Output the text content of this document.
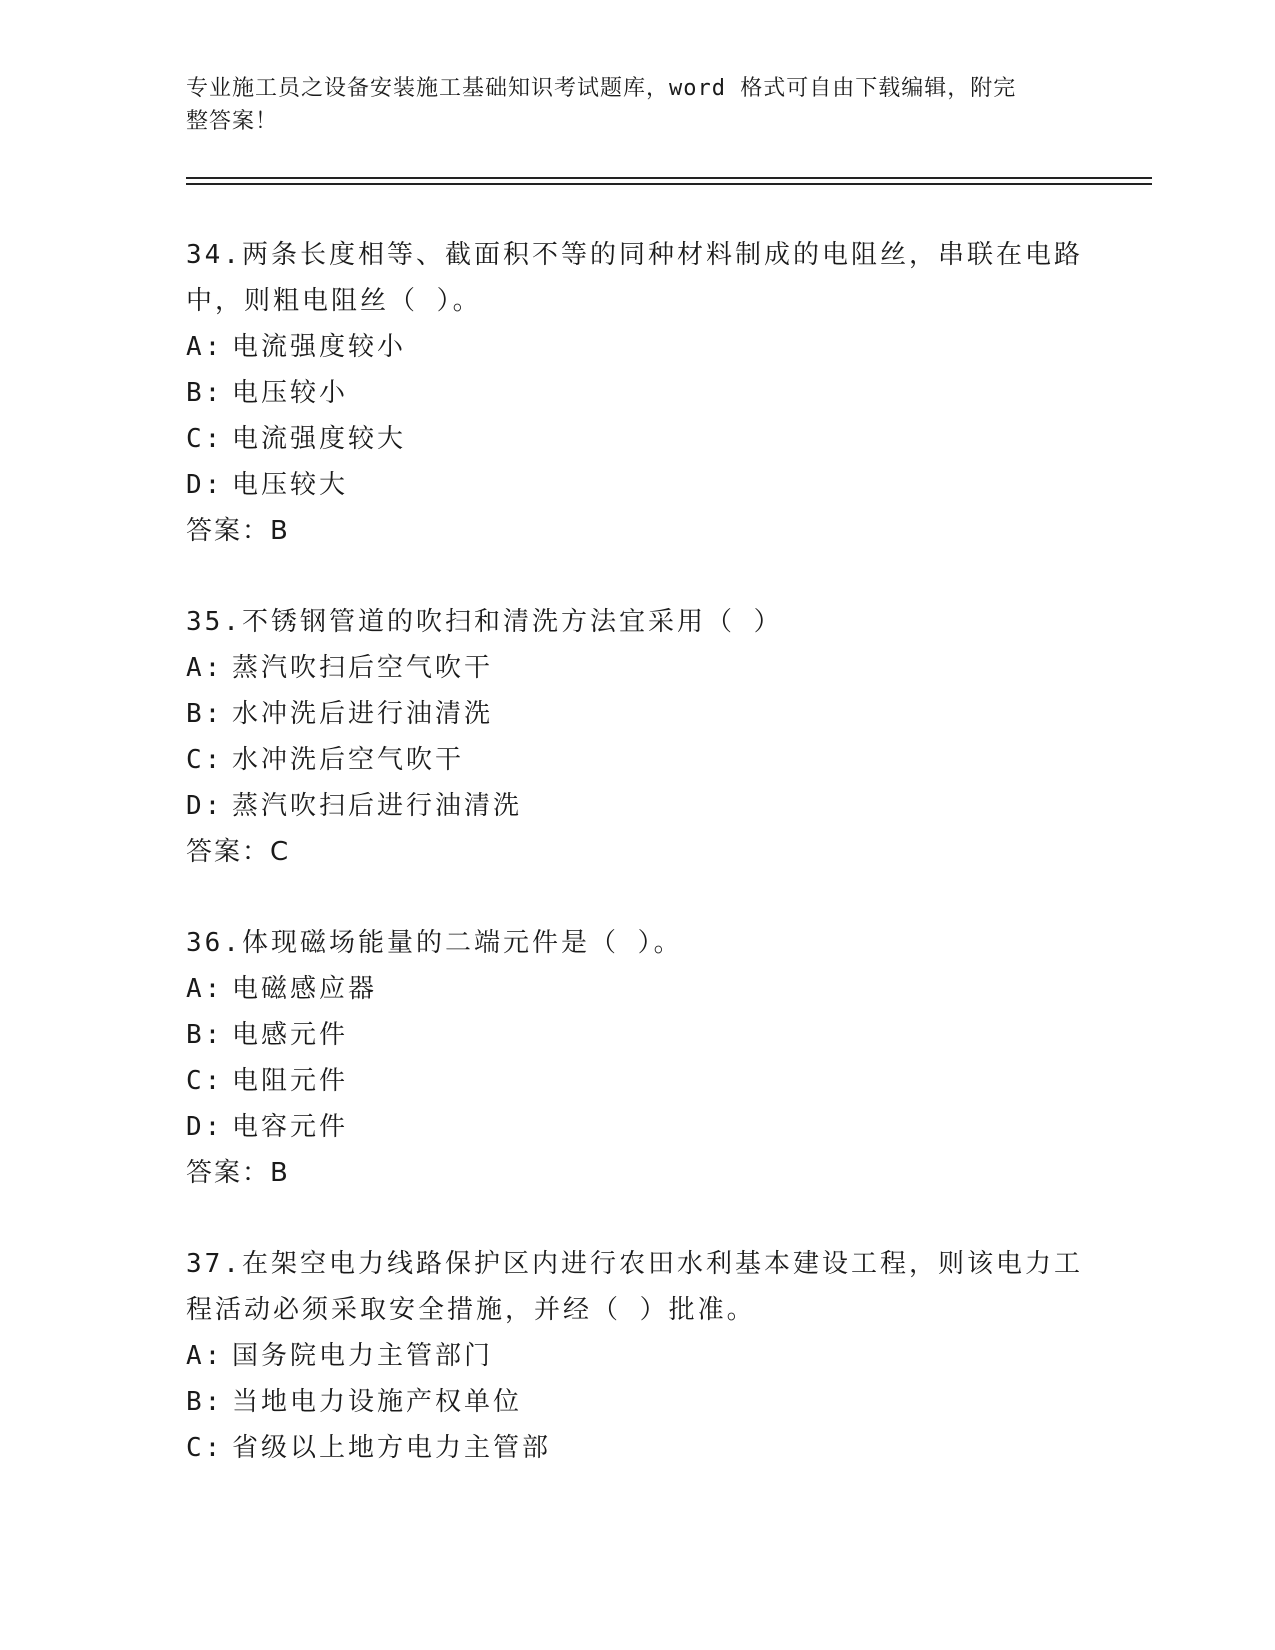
专业施工员之设备安装施工基础知识考试题库，word 格式可自由下载编辑，附完
整答案！

34.两条长度相等、截面积不等的同种材料制成的电阻丝，串联在电路

中，则粗电阻丝（ ）。

A: 电流强度较小

B: 电压较小

C: 电流强度较大

D: 电压较大

答案：B

35.不锈钢管道的吹扫和清洗方法宜采用（ ）

A: 蒸汽吹扫后空气吹干

B: 水冲洗后进行油清洗

C: 水冲洗后空气吹干

D: 蒸汽吹扫后进行油清洗

答案：C

36.体现磁场能量的二端元件是（ ）。

A: 电磁感应器

B: 电感元件

C: 电阻元件

D: 电容元件

答案：B

37.在架空电力线路保护区内进行农田水利基本建设工程，则该电力工

程活动必须采取安全措施，并经（ ）批准。

A: 国务院电力主管部门

B: 当地电力设施产权单位

C: 省级以上地方电力主管部
